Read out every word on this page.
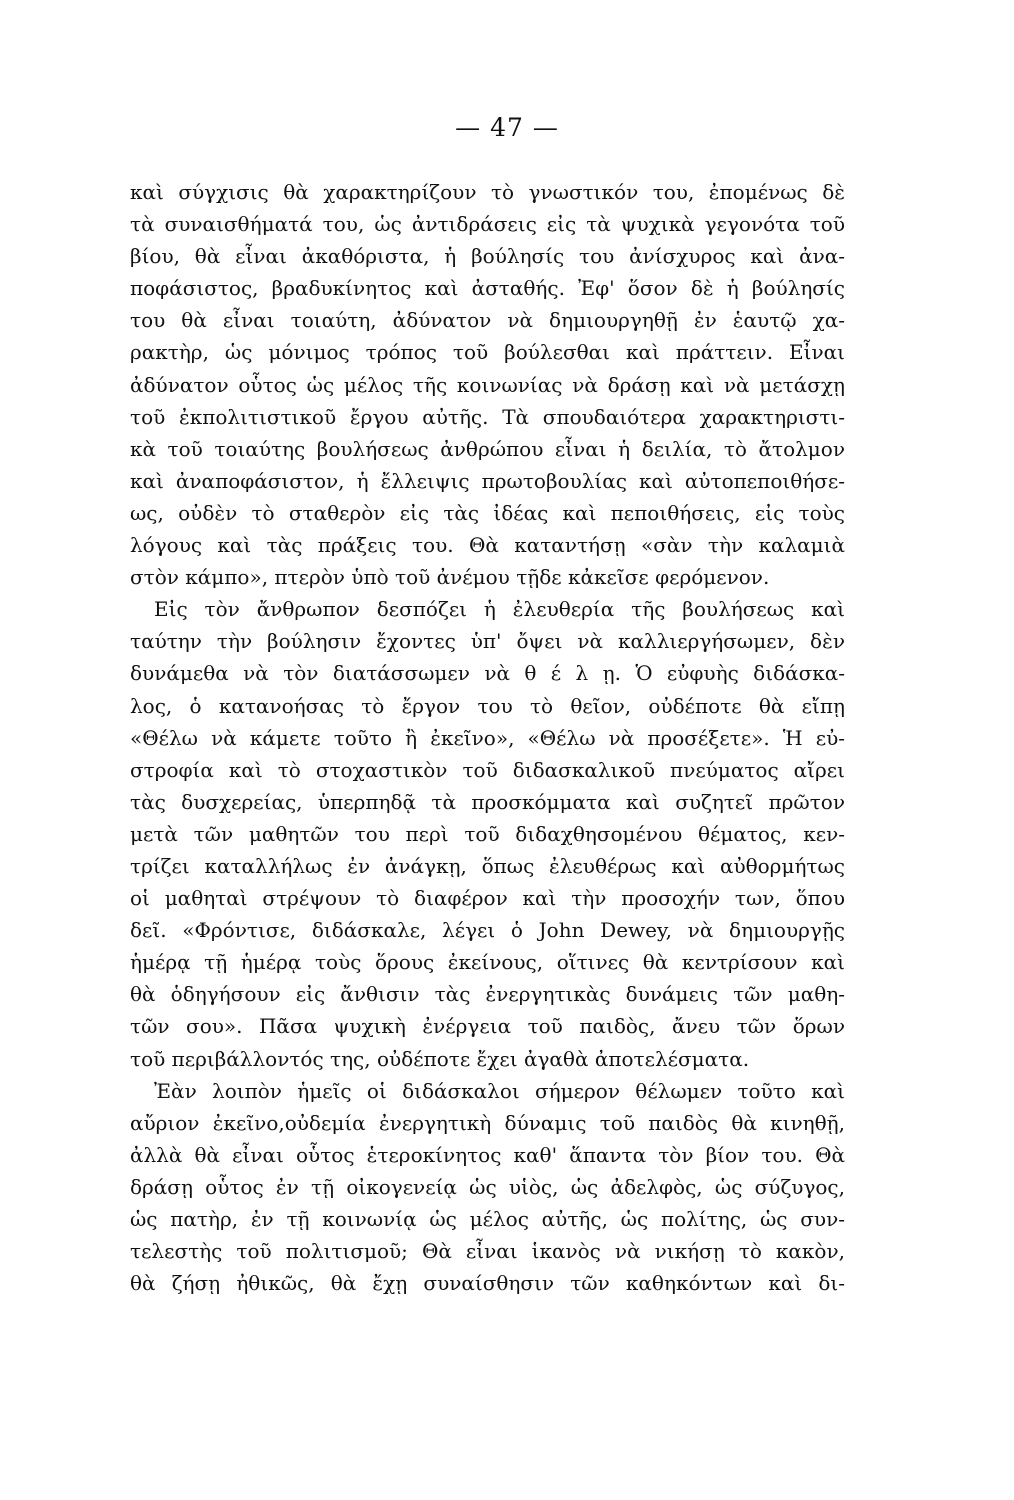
— 47 —
καὶ σύγχισις θὰ χαρακτηρίζουν τὸ γνωστικόν του, ἐπομένως δὲ
τὰ συναισθήματά του, ὡς ἀντιδράσεις εἰς τὰ ψυχικὰ γεγονότα τοῦ
βίου, θὰ εἶναι ἀκαθόριστα, ἡ βούλησίς του ἀνίσχυρος καὶ ἀνα-
ποφάσιστος, βραδυκίνητος καὶ ἀσταθής. Ἐφ' ὅσον δὲ ἡ βούλησίς
του θὰ εἶναι τοιαύτη, ἀδύνατον νὰ δημιουργηθῇ ἐν ἑαυτῷ χα-
ρακτὴρ, ὡς μόνιμος τρόπος τοῦ βούλεσθαι καὶ πράττειν. Εἶναι
ἀδύνατον οὗτος ὡς μέλος τῆς κοινωνίας νὰ δράσῃ καὶ νὰ μετάσχῃ
τοῦ ἐκπολιτιστικοῦ ἔργου αὐτῆς. Τὰ σπουδαιότερα χαρακτηριστι-
κὰ τοῦ τοιαύτης βουλήσεως ἀνθρώπου εἶναι ἡ δειλία, τὸ ἄτολμον
καὶ ἀναποφάσιστον, ἡ ἔλλειψις πρωτοβουλίας καὶ αὐτοπεποιθήσε-
ως, οὐδὲν τὸ σταθερὸν εἰς τὰς ἰδέας καὶ πεποιθήσεις, εἰς τοὺς
λόγους καὶ τὰς πράξεις του. Θὰ καταντήσῃ «σὰν τὴν καλαμιὰ
στὸν κάμπο», πτερὸν ὑπὸ τοῦ ἀνέμου τῇδε κἀκεῖσε φερόμενον.
Εἰς τὸν ἄνθρωπον δεσπόζει ἡ ἐλευθερία τῆς βουλήσεως καὶ
ταύτην τὴν βούλησιν ἔχοντες ὑπ' ὄψει νὰ καλλιεργήσωμεν, δὲν
δυνάμεθα νὰ τὸν διατάσσωμεν νὰ θ έ λ ῃ. Ὁ εὐφυὴς διδάσκα-
λος, ὁ κατανοήσας τὸ ἔργον του τὸ θεῖον, οὐδέποτε θὰ εἴπῃ
«Θέλω νὰ κάμετε τοῦτο ἢ ἐκεῖνο», «Θέλω νὰ προσέξετε». Ἡ εὐ-
στροφία καὶ τὸ στοχαστικὸν τοῦ διδασκαλικοῦ πνεύματος αἴρει
τὰς δυσχερείας, ὑπερπηδᾷ τὰ προσκόμματα καὶ συζητεῖ πρῶτον
μετὰ τῶν μαθητῶν του περὶ τοῦ διδαχθησομένου θέματος, κεν-
τρίζει καταλλήλως ἐν ἀνάγκῃ, ὅπως ἐλευθέρως καὶ αὐθορμήτως
οἱ μαθηταὶ στρέψουν τὸ διαφέρον καὶ τὴν προσοχήν των, ὅπου
δεῖ. «Φρόντισε, διδάσκαλε, λέγει ὁ John Dewey, νὰ δημιουργῇς
ἡμέρᾳ τῇ ἡμέρᾳ τοὺς ὅρους ἐκείνους, οἵτινες θὰ κεντρίσουν καὶ
θὰ ὁδηγήσουν εἰς ἄνθισιν τὰς ἐνεργητικὰς δυνάμεις τῶν μαθη-
τῶν σου». Πᾶσα ψυχικὴ ἐνέργεια τοῦ παιδὸς, ἄνευ τῶν ὅρων
τοῦ περιβάλλοντός της, οὐδέποτε ἔχει ἀγαθὰ ἀποτελέσματα.
Ἐὰν λοιπὸν ἡμεῖς οἱ διδάσκαλοι σήμερον θέλωμεν τοῦτο καὶ
αὔριον ἐκεῖνο,οὐδεμία ἐνεργητικὴ δύναμις τοῦ παιδὸς θὰ κινηθῇ,
ἀλλὰ θὰ εἶναι οὗτος ἑτεροκίνητος καθ' ἅπαντα τὸν βίον του. Θὰ
δράσῃ οὗτος ἐν τῇ οἰκογενείᾳ ὡς υἱὸς, ὡς ἀδελφὸς, ὡς σύζυγος,
ὡς πατὴρ, ἐν τῇ κοινωνίᾳ ὡς μέλος αὐτῆς, ὡς πολίτης, ὡς συν-
τελεστὴς τοῦ πολιτισμοῦ; Θὰ εἶναι ἱκανὸς νὰ νικήσῃ τὸ κακὸν,
θὰ ζήσῃ ἠθικῶς, θὰ ἔχῃ συναίσθησιν τῶν καθηκόντων καὶ δι-
